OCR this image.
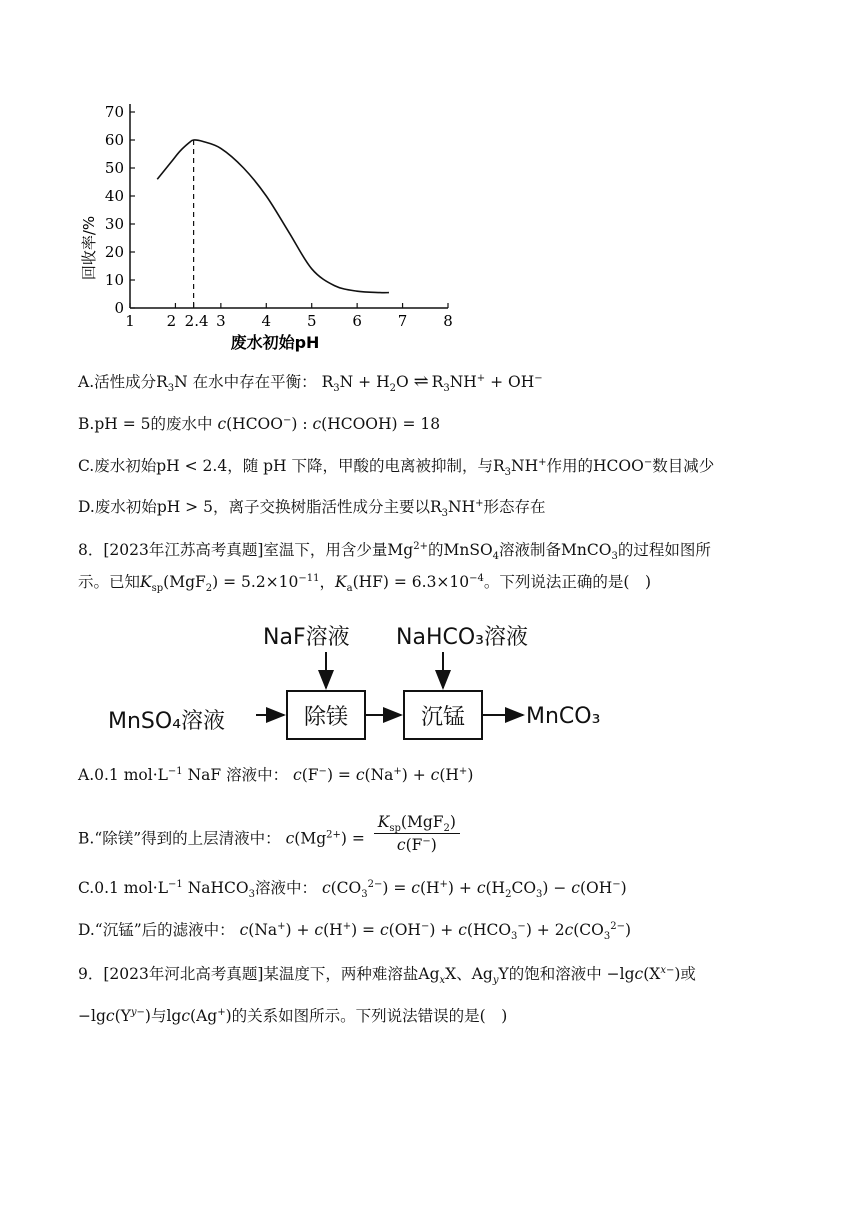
0
10
20
30
40
50
60
70
1 2 2.4 3 4 5 6 7 8
回收率/%
废水初始pH
A.活性成分$R_3N$ 在水中存在平衡： $R_3N + H_2O$ ⇌ $R_3NH^+ + OH^-$
B.pH = 5的废水中 c(HCOO−) : c(HCOOH) = 18
C.废水初始pH < 2.4，随 pH 下降，甲酸的电离被抑制，与$R_3NH^+$作用的HCOO−数目减少
D.废水初始pH > 5，离子交换树脂活性成分主要以$R_3NH^+$形态存在
8．[2023年江苏高考真题]室温下，用含少量$Mg^{2+}$的MnSO$_4$溶液制备MnCO$_3$的过程如图所
示。已知$K_{sp}(MgF_2) = 5.2\times 10^{-11}$，$K_a(HF) = 6.3\times 10^{-4}$。下列说法正确的是(　)
NaF溶液 NaHCO₃溶液
MnSO₄溶液	除镁	沉锰	MnCO₃
A.0.1 $mol\cdot L^{-1}$ NaF 溶液中： c(F−) = c(Na+) + c(H+)
B.“除镁”得到的上层清液中： $c(Mg^{2+}) = \frac{K_{sp}(MgF_2)}{c(F^-)}$
C.0.1 $mol\cdot L^{-1}$ NaHCO$_3$溶液中： $c(CO_3^{2-}) = c(H^+) + c(H_2CO_3) - c(OH^-)$
D.“沉锰”后的滤液中： $c(Na^+) + c(H^+) = c(OH^-) + c(HCO_3^-) + 2c(CO_3^{2-})$
9．[2023年河北高考真题]某温度下，两种难溶盐$Ag_xX$、$Ag_yY$的饱和溶液中 $-\lg c(X^{x-})$或
$-\lg c(Y^{y-})$与lgc(Ag+)的关系如图所示。下列说法错误的是(　)
